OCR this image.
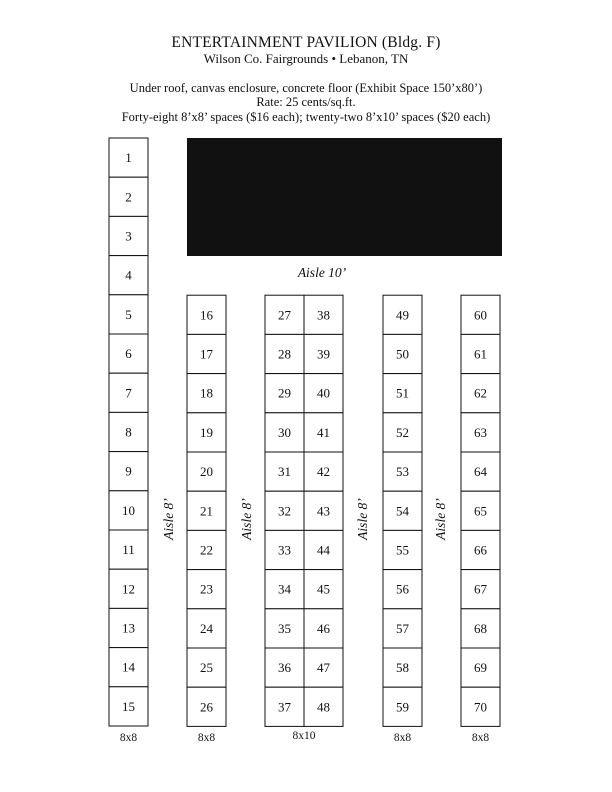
ENTERTAINMENT PAVILION (Bldg. F)
Wilson Co. Fairgrounds • Lebanon, TN
Under roof, canvas enclosure, concrete floor (Exhibit Space 150’x80’)
Rate: 25 cents/sq.ft.
Forty-eight 8’x8’ spaces ($16 each); twenty-two 8’x10’ spaces ($20 each)
Aisle 10’
1
2
3
4
5
6
7
8
9
10
11
12
13
14
15
16
17
18
19
20
21
22
23
24
25
26
27
28
29
30
31
32
33
34
35
36
37
38
39
40
41
42
43
44
45
46
47
48
49
50
51
52
53
54
55
56
57
58
59
60
61
62
63
64
65
66
67
68
69
70
Aisle 8’	Aisle 8’	Aisle 8’	Aisle 8’
8x8	8x8	8x8	8x8
8x10
